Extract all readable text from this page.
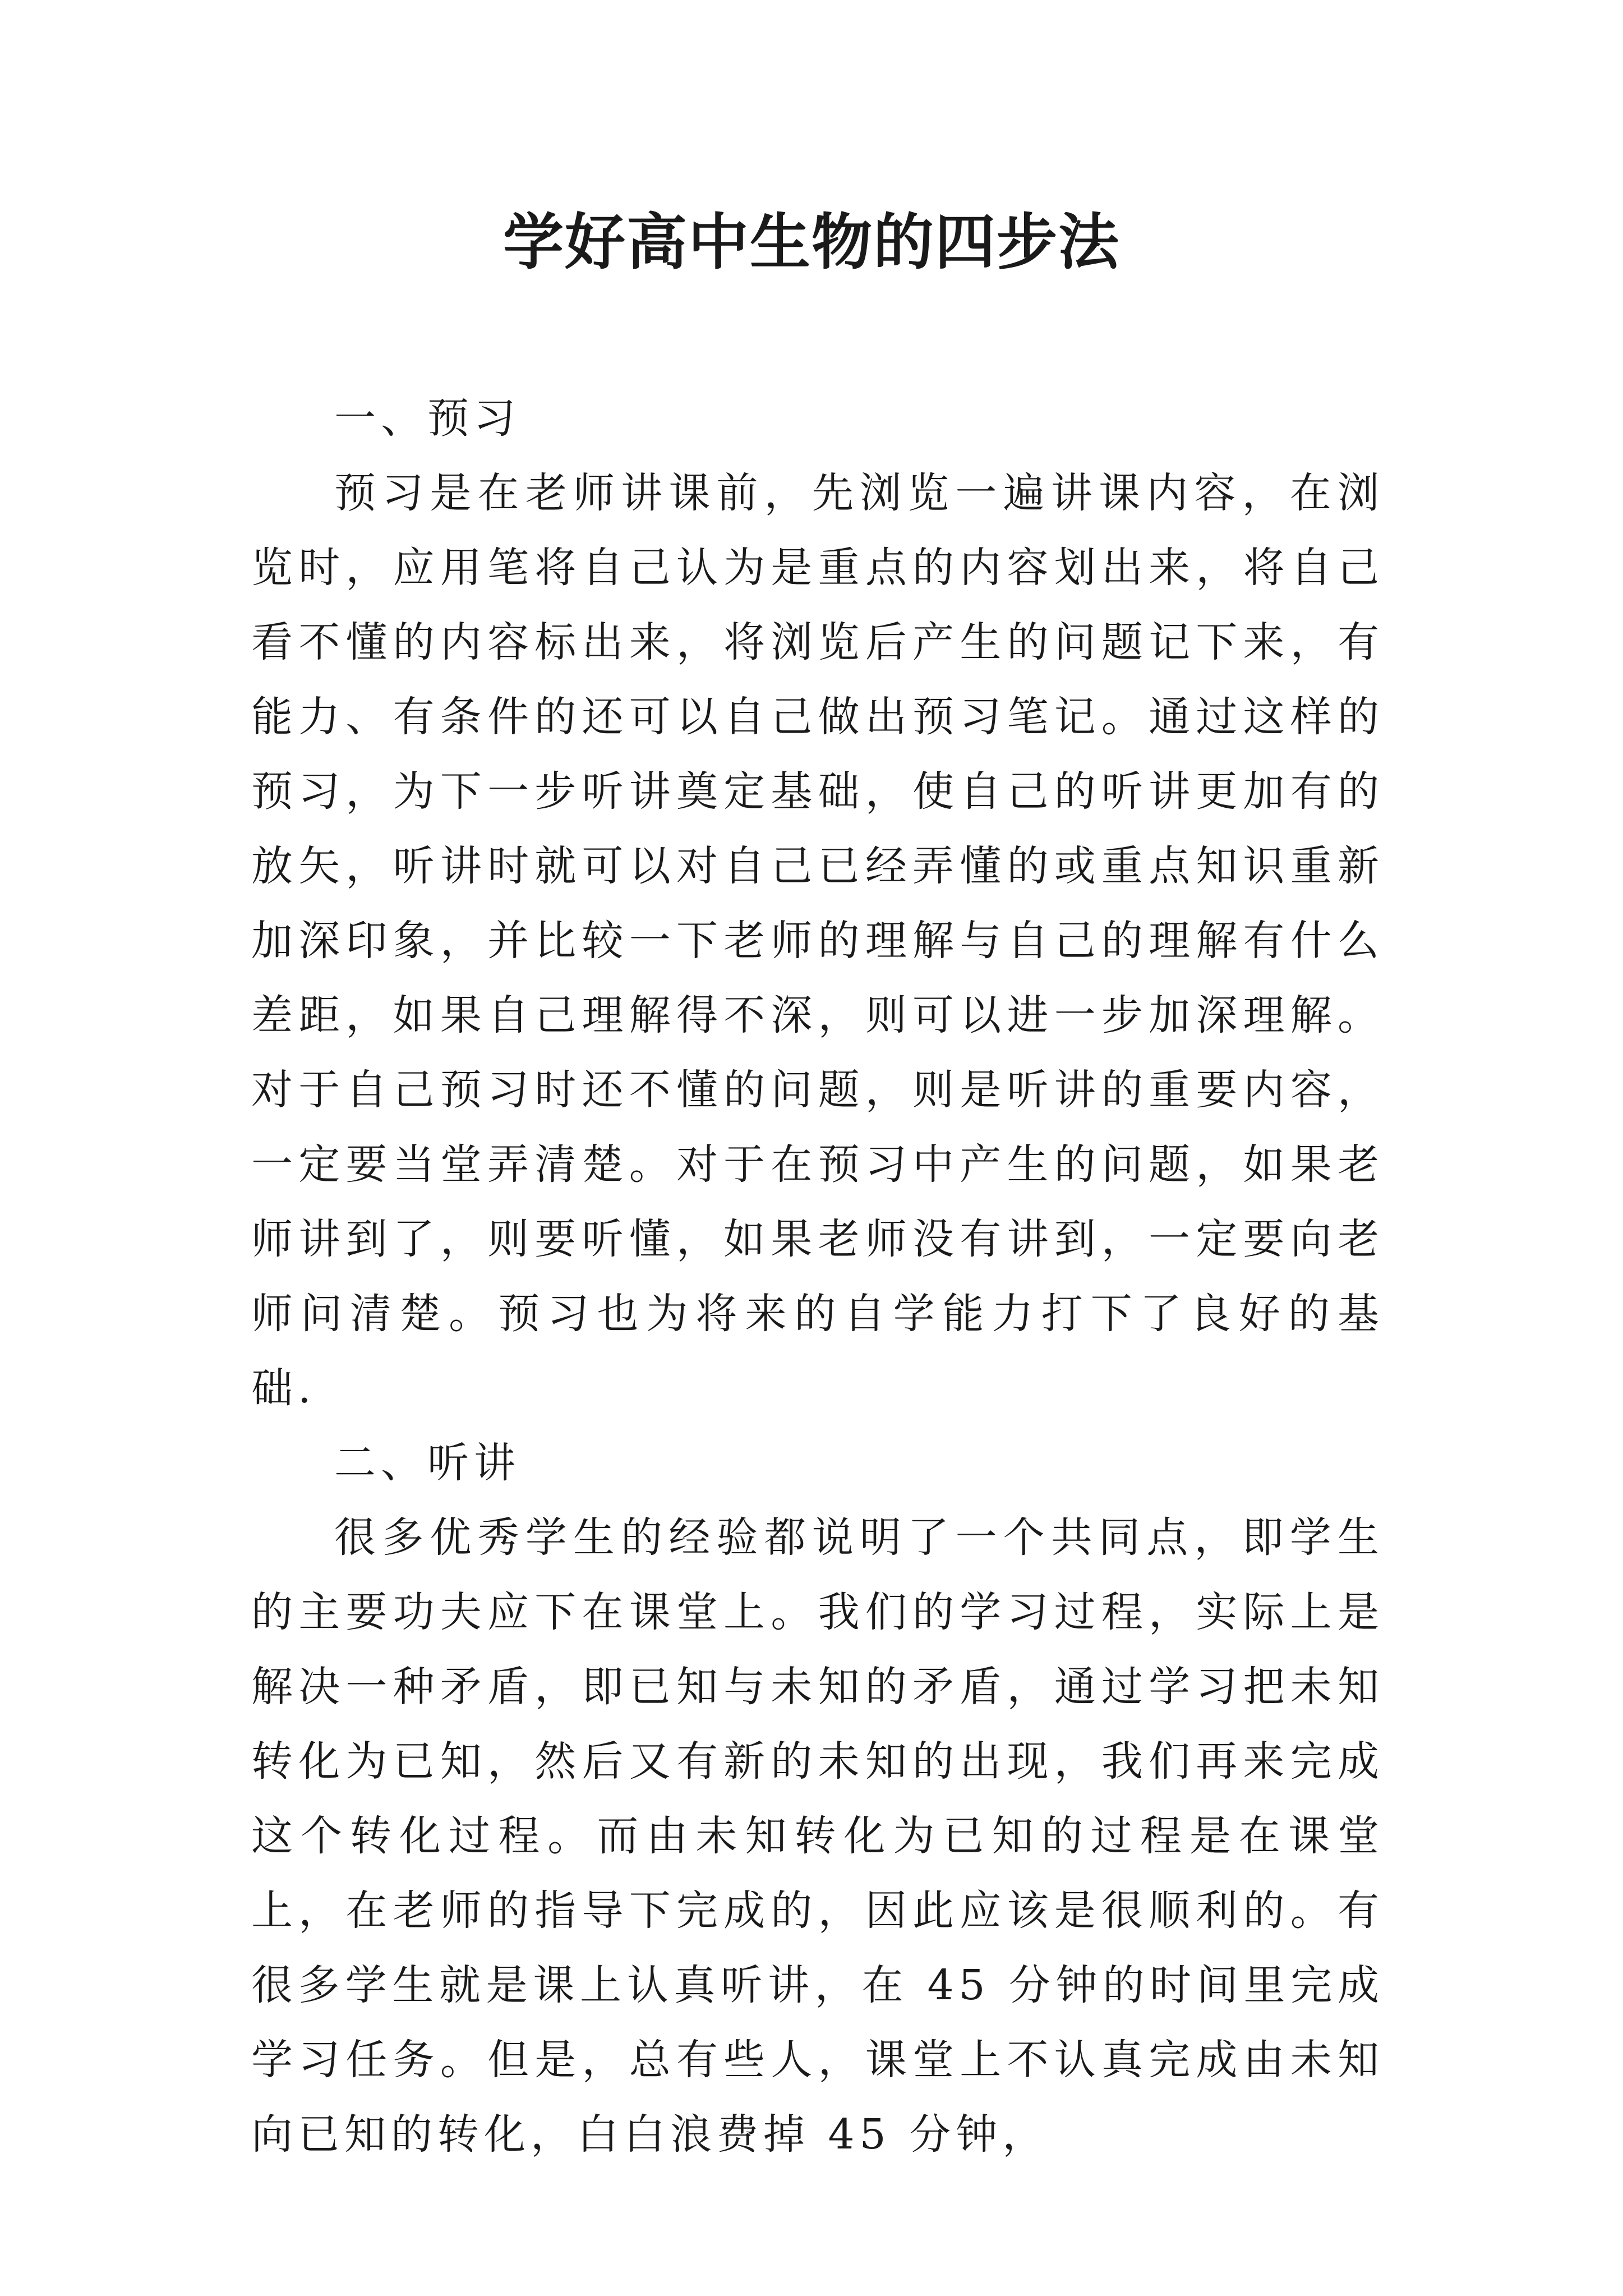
学好高中生物的四步法

一、预习

预习是在老师讲课前，先浏览一遍讲课内容，在浏览时，应用笔将自己认为是重点的内容划出来，将自己看不懂的内容标出来，将浏览后产生的问题记下来，有能力、有条件的还可以自己做出预习笔记。通过这样的预习，为下一步听讲奠定基础，使自己的听讲更加有的放矢，听讲时就可以对自己已经弄懂的或重点知识重新加深印象，并比较一下老师的理解与自己的理解有什么差距，如果自己理解得不深，则可以进一步加深理解。对于自己预习时还不懂的问题，则是听讲的重要内容，一定要当堂弄清楚。对于在预习中产生的问题，如果老师讲到了，则要听懂，如果老师没有讲到，一定要向老师问清楚。预习也为将来的自学能力打下了良好的基础.

二、听讲

很多优秀学生的经验都说明了一个共同点，即学生的主要功夫应下在课堂上。我们的学习过程，实际上是解决一种矛盾，即已知与未知的矛盾，通过学习把未知转化为已知，然后又有新的未知的出现，我们再来完成这个转化过程。而由未知转化为已知的过程是在课堂上，在老师的指导下完成的，因此应该是很顺利的。有很多学生就是课上认真听讲，在 45 分钟的时间里完成学习任务。但是，总有些人，课堂上不认真完成由未知向已知的转化，白白浪费掉 45 分钟，
